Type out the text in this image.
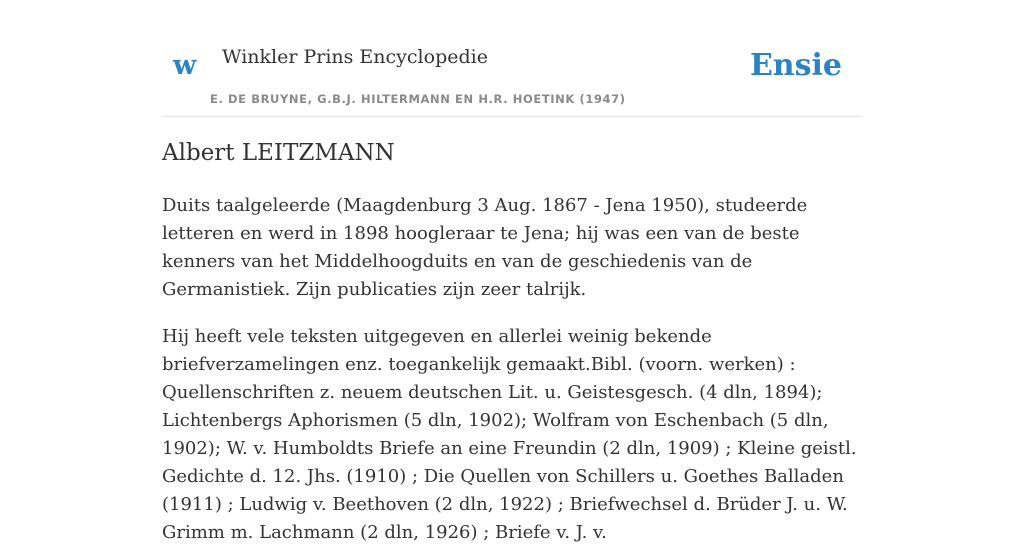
w Winkler Prins Encyclopedie
E. DE BRUYNE, G.B.J. HILTERMANN EN H.R. HOETINK (1947)
Ensie
Albert LEITZMANN

Duits taalgeleerde (Maagdenburg 3 Aug. 1867 - Jena 1950), studeerde letteren en werd in 1898 hoogleraar te Jena; hij was een van de beste kenners van het Middelhoogduits en van de geschiedenis van de Germanistiek. Zijn publicaties zijn zeer talrijk.

Hij heeft vele teksten uitgegeven en allerlei weinig bekende briefverzamelingen enz. toegankelijk gemaakt.Bibl. (voorn. werken) : Quellenschriften z. neuem deutschen Lit. u. Geistesgesch. (4 dln, 1894); Lichtenbergs Aphorismen (5 dln, 1902); Wolfram von Eschenbach (5 dln, 1902); W. v. Humboldts Briefe an eine Freundin (2 dln, 1909) ; Kleine geistl. Gedichte d. 12. Jhs. (1910) ; Die Quellen von Schillers u. Goethes Balladen (1911) ; Ludwig v. Beethoven (2 dln, 1922) ; Briefwechsel d. Brüder J. u. W. Grimm m. Lachmann (2 dln, 1926) ; Briefe v. J. v.
